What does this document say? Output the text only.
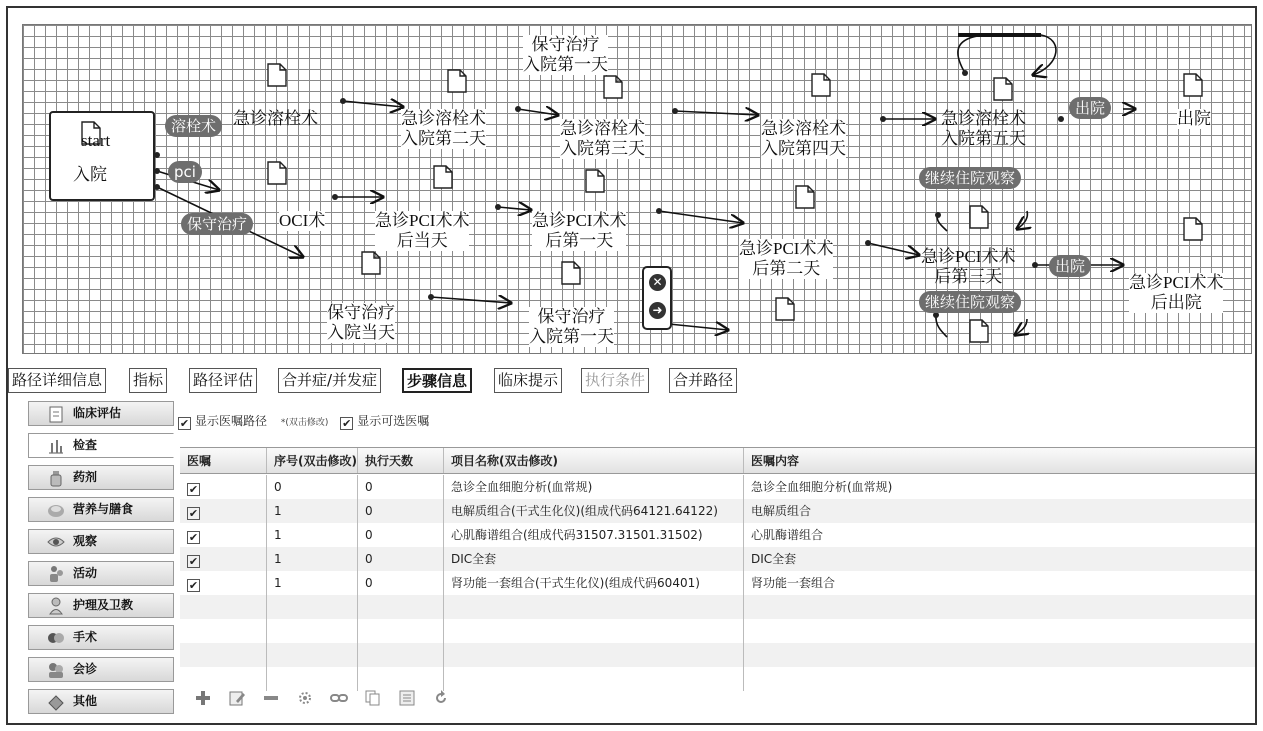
start
入院
保守治疗
入院第一天
急诊溶栓术	急诊溶栓术
入院第二天
急诊溶栓术
入院第三天
急诊溶栓术
入院第四天
急诊溶栓术
入院第五天
出院
OCI术	急诊PCI术术
后当天
急诊PCI术术
后第一天	急诊PCI术术
后第二天
急诊PCI术术
后第三天	急诊PCI术术
后出院
保守治疗
入院当天
保守治疗
入院第一天
溶栓术
pci
保守治疗
出院
继续住院观察
继续住院观察
出院
✕
➜
路径详细信息 指标 路径评估 合并症/并发症	步骤信息	临床提示 执行条件 合并路径
临床评估
检查
药剂
营养与膳食
观察
活动
护理及卫教
手术
会诊
其他
✔ 显示医嘱路径 *(双击修改) ✔ 显示可选医嘱
医嘱	序号(双击修改) 执行天数	项目名称(双击修改)	医嘱内容
✔	0	0	急诊全血细胞分析(血常规)	急诊全血细胞分析(血常规)
✔	1	0	电解质组合(干式生化仪)(组成代码64121.64122)	电解质组合
✔	1	0	心肌酶谱组合(组成代码31507.31501.31502)	心肌酶谱组合
✔	1	0	DIC全套	DIC全套
✔	1	0	肾功能一套组合(干式生化仪)(组成代码60401)	肾功能一套组合
